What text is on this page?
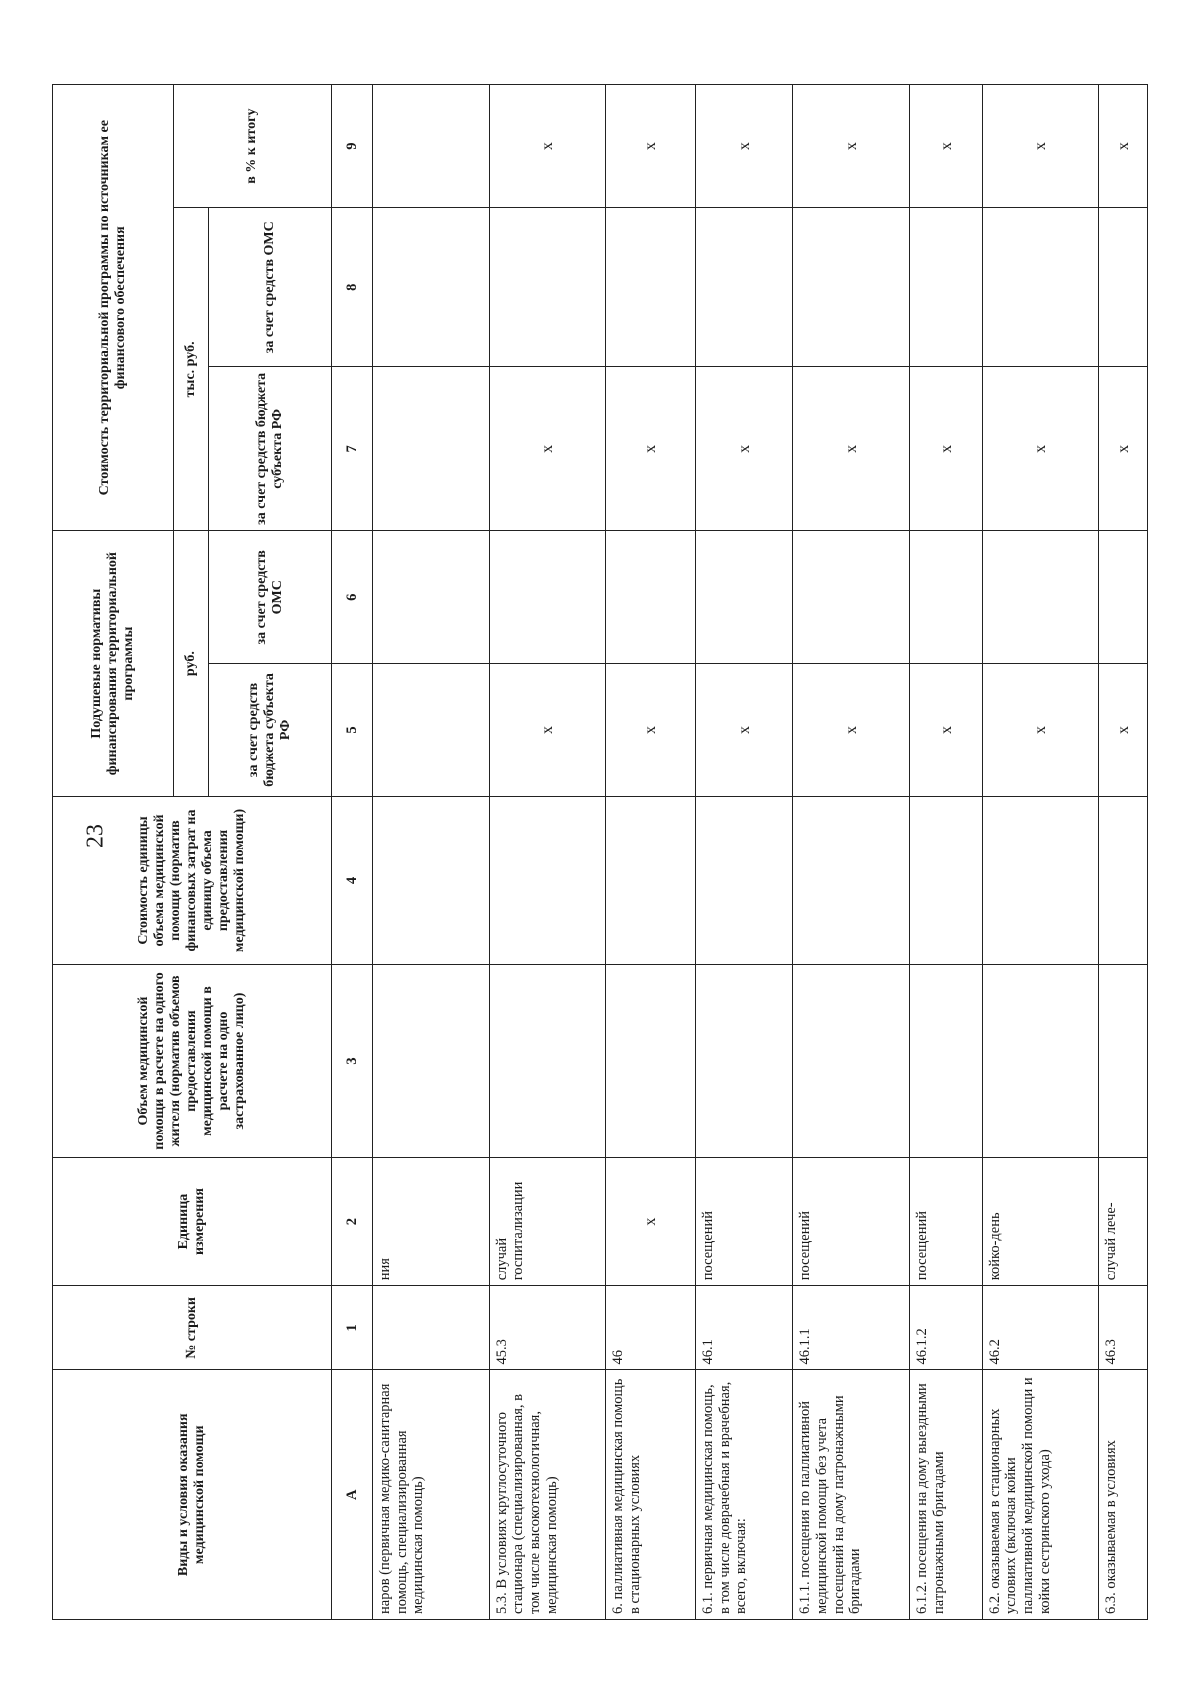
23
Виды и условия оказания медицинской помощи	№ строки	Единица измерения	Объем медицинской помощи в расчете на одного жителя (норматив объемов предоставления медицинской помощи в расчете на одно застрахованное лицо)	Стоимость единицы объема медицинской помощи (норматив финансовых затрат на единицу объема предоставления медицинской помощи)	Подушевые нормативы финансирования территориальной программы		Стоимость территориальной программы по источникам ее финансового обеспечения		
					руб.		тыс. руб.		в % к итогу
					за счет средств бюджета субъекта РФ	за счет средств ОМС	за счет средств бюджета субъекта РФ	за счет средств ОМС	
А	1	2	3	4	5	6	7	8	9
наров (первичная медико-санитарная помощь, специализированная медицинская помощь)		ния							
5.3. В условиях круглосуточного стационара (специализированная, в том числе высокотехнологичная, медицинская помощь)	45.3	случай госпитализации			х		х		х
6. паллиативная медицинская помощь в стационарных условиях	46	х			х		х		х
6.1. первичная медицинская помощь, в том числе доврачебная и врачебная, всего, включая:	46.1	посещений			х		х		х
6.1.1. посещения по паллиативной медицинской помощи без учета посещений на дому патронажными бригадами	46.1.1	посещений			х		х		х
6.1.2. посещения на дому выездными патронажными бригадами	46.1.2	посещений			х		х		х
6.2. оказываемая в стационарных условиях (включая койки паллиативной медицинской помощи и койки сестринского ухода)	46.2	койко-день			х		х		х
6.3. оказываемая в условиях	46.3	случай лече-			х		х		х
